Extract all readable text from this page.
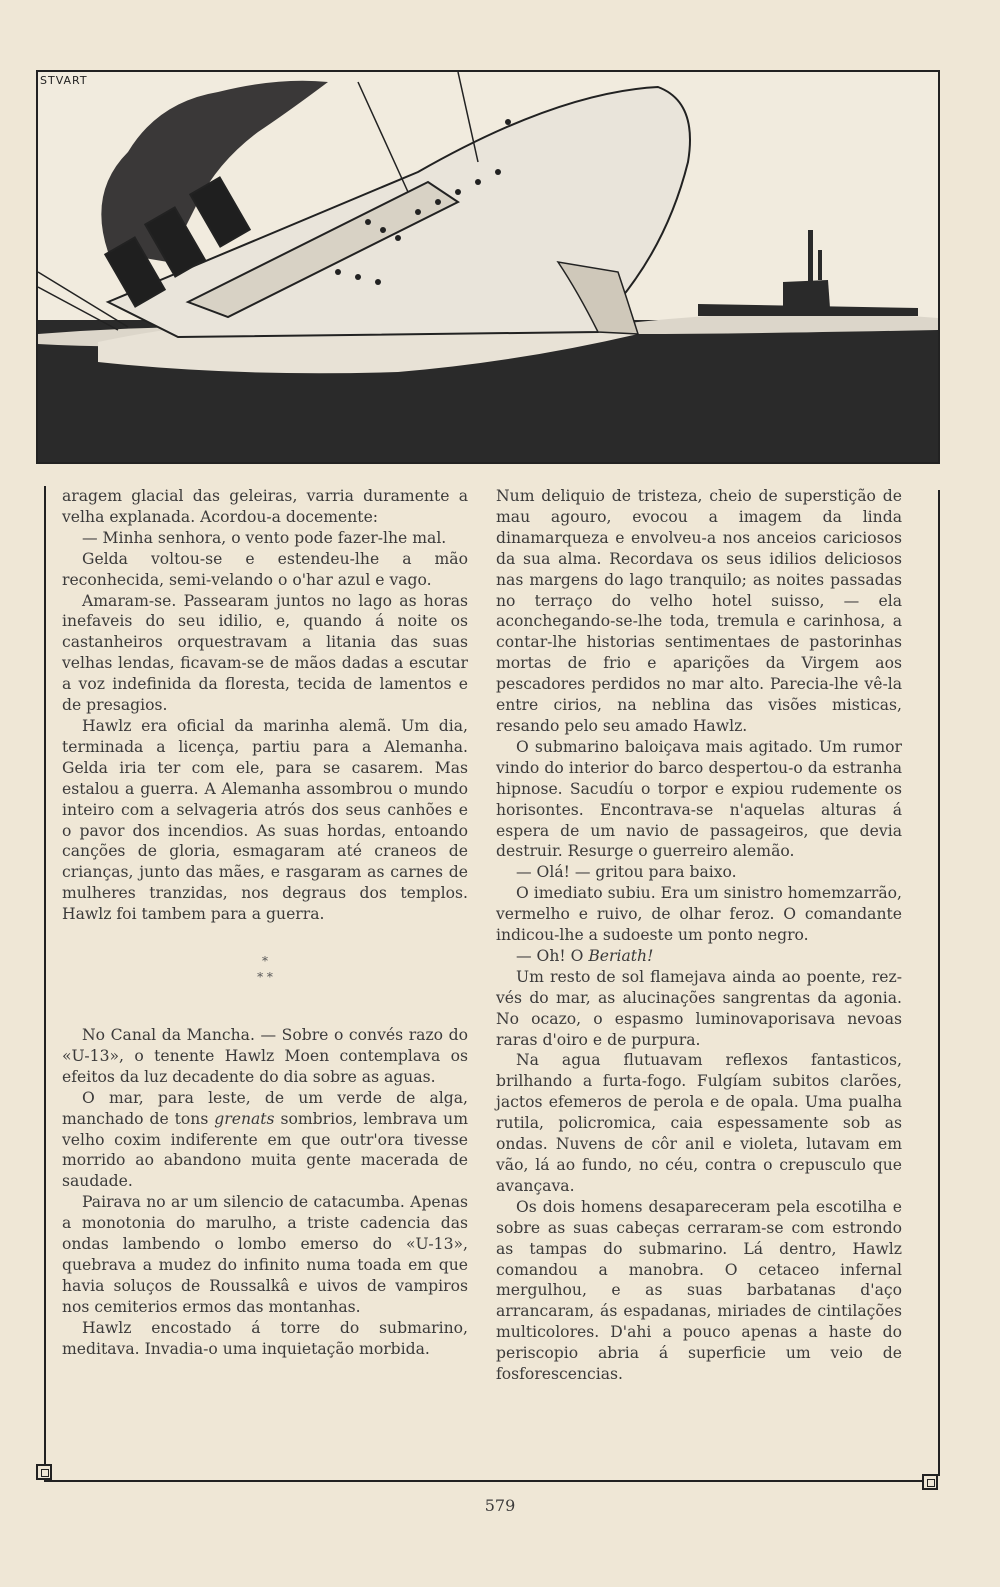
STVART

aragem glacial das geleiras, varria duramente a velha explanada. Acordou-a docemente:

— Minha senhora, o vento pode fazer-lhe mal.

Gelda voltou-se e estendeu-lhe a mão reconhecida, semi-velando o o'har azul e vago.

Amaram-se. Passearam juntos no lago as horas inefaveis do seu idilio, e, quando á noite os castanheiros orquestravam a litania das suas velhas lendas, ficavam-se de mãos dadas a escutar a voz indefinida da floresta, tecida de lamentos e de presagios.

Hawlz era oficial da marinha alemã. Um dia, terminada a licença, partiu para a Alemanha. Gelda iria ter com ele, para se casarem. Mas estalou a guerra. A Alemanha assombrou o mundo inteiro com a selvageria atrós dos seus canhões e o pavor dos incendios. As suas hordas, entoando canções de gloria, esmagaram até craneos de crianças, junto das mães, e rasgaram as carnes de mulheres tranzidas, nos degraus dos templos. Hawlz foi tambem para a guerra.

*
* *

No Canal da Mancha. — Sobre o convés razo do «U-13», o tenente Hawlz Moen contemplava os efeitos da luz decadente do dia sobre as aguas.

O mar, para leste, de um verde de alga, manchado de tons grenats sombrios, lembrava um velho coxim indiferente em que outr'ora tivesse morrido ao abandono muita gente macerada de saudade.

Pairava no ar um silencio de catacumba. Apenas a monotonia do marulho, a triste cadencia das ondas lambendo o lombo emerso do «U-13», quebrava a mudez do infinito numa toada em que havia soluços de Roussalkâ e uivos de vampiros nos cemiterios ermos das montanhas.

Hawlz encostado á torre do submarino, meditava. Invadia-o uma inquietação morbida.

Num deliquio de tristeza, cheio de superstição de mau agouro, evocou a imagem da linda dinamarqueza e envolveu-a nos anceios cariciosos da sua alma. Recordava os seus idilios deliciosos nas margens do lago tranquilo; as noites passadas no terraço do velho hotel suisso, — ela aconchegando-se-lhe toda, tremula e carinhosa, a contar-lhe historias sentimentaes de pastorinhas mortas de frio e aparições da Virgem aos pescadores perdidos no mar alto. Parecia-lhe vê-la entre cirios, na neblina das visões misticas, resando pelo seu amado Hawlz.

O submarino baloiçava mais agitado. Um rumor vindo do interior do barco despertou-o da estranha hipnose. Sacudíu o torpor e expiou rudemente os horisontes. Encontrava-se n'aquelas alturas á espera de um navio de passageiros, que devia destruir. Resurge o guerreiro alemão.

— Olá! — gritou para baixo.

O imediato subiu. Era um sinistro homemzarrão, vermelho e ruivo, de olhar feroz. O comandante indicou-lhe a sudoeste um ponto negro.

— Oh! O Beriath!

Um resto de sol flamejava ainda ao poente, rez-vés do mar, as alucinações sangrentas da agonia. No ocazo, o espasmo luminovaporisava nevoas raras d'oiro e de purpura.

Na agua flutuavam reflexos fantasticos, brilhando a furta-fogo. Fulgíam subitos clarões, jactos efemeros de perola e de opala. Uma pualha rutila, policromica, caia espessamente sob as ondas. Nuvens de côr anil e violeta, lutavam em vão, lá ao fundo, no céu, contra o crepusculo que avançava.

Os dois homens desapareceram pela escotilha e sobre as suas cabeças cerraram-se com estrondo as tampas do submarino. Lá dentro, Hawlz comandou a manobra. O cetaceo infernal mergulhou, e as suas barbatanas d'aço arrancaram, ás espadanas, miriades de cintilações multicolores. D'ahi a pouco apenas a haste do periscopio abria á superficie um veio de fosforescencias.

579
